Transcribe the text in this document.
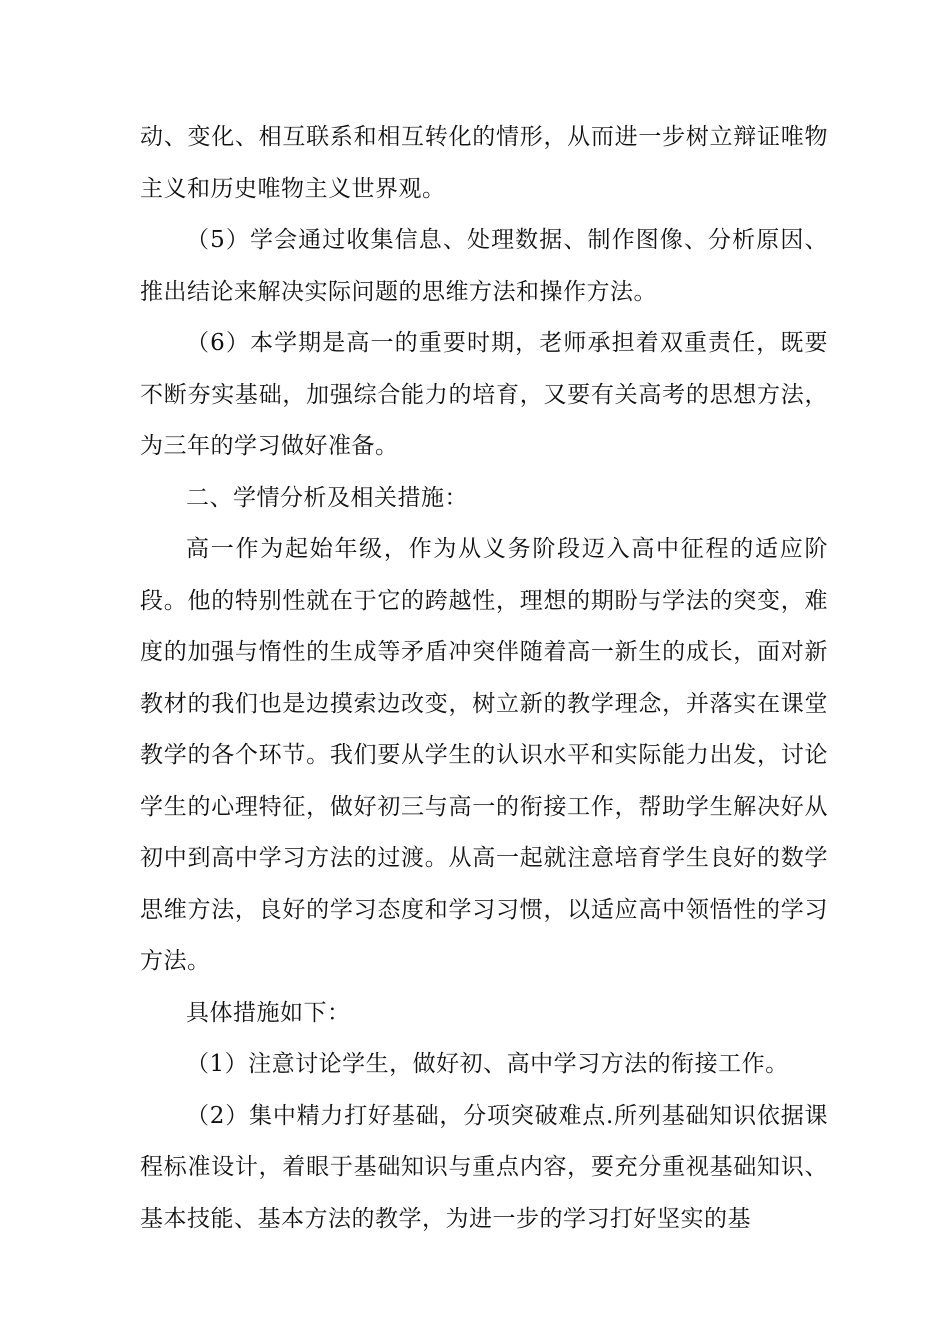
动、变化、相互联系和相互转化的情形，从而进一步树立辩证唯物主义和历史唯物主义世界观。

（5）学会通过收集信息、处理数据、制作图像、分析原因、推出结论来解决实际问题的思维方法和操作方法。

（6）本学期是高一的重要时期，老师承担着双重责任，既要不断夯实基础，加强综合能力的培育，又要有关高考的思想方法，为三年的学习做好准备。

二、学情分析及相关措施：

高一作为起始年级，作为从义务阶段迈入高中征程的适应阶段。他的特别性就在于它的跨越性，理想的期盼与学法的突变，难度的加强与惰性的生成等矛盾冲突伴随着高一新生的成长，面对新教材的我们也是边摸索边改变，树立新的教学理念，并落实在课堂教学的各个环节。我们要从学生的认识水平和实际能力出发，讨论学生的心理特征，做好初三与高一的衔接工作，帮助学生解决好从初中到高中学习方法的过渡。从高一起就注意培育学生良好的数学思维方法，良好的学习态度和学习习惯，以适应高中领悟性的学习方法。

具体措施如下：

（1）注意讨论学生，做好初、高中学习方法的衔接工作。

（2）集中精力打好基础，分项突破难点.所列基础知识依据课程标准设计，着眼于基础知识与重点内容，要充分重视基础知识、基本技能、基本方法的教学，为进一步的学习打好坚实的基
